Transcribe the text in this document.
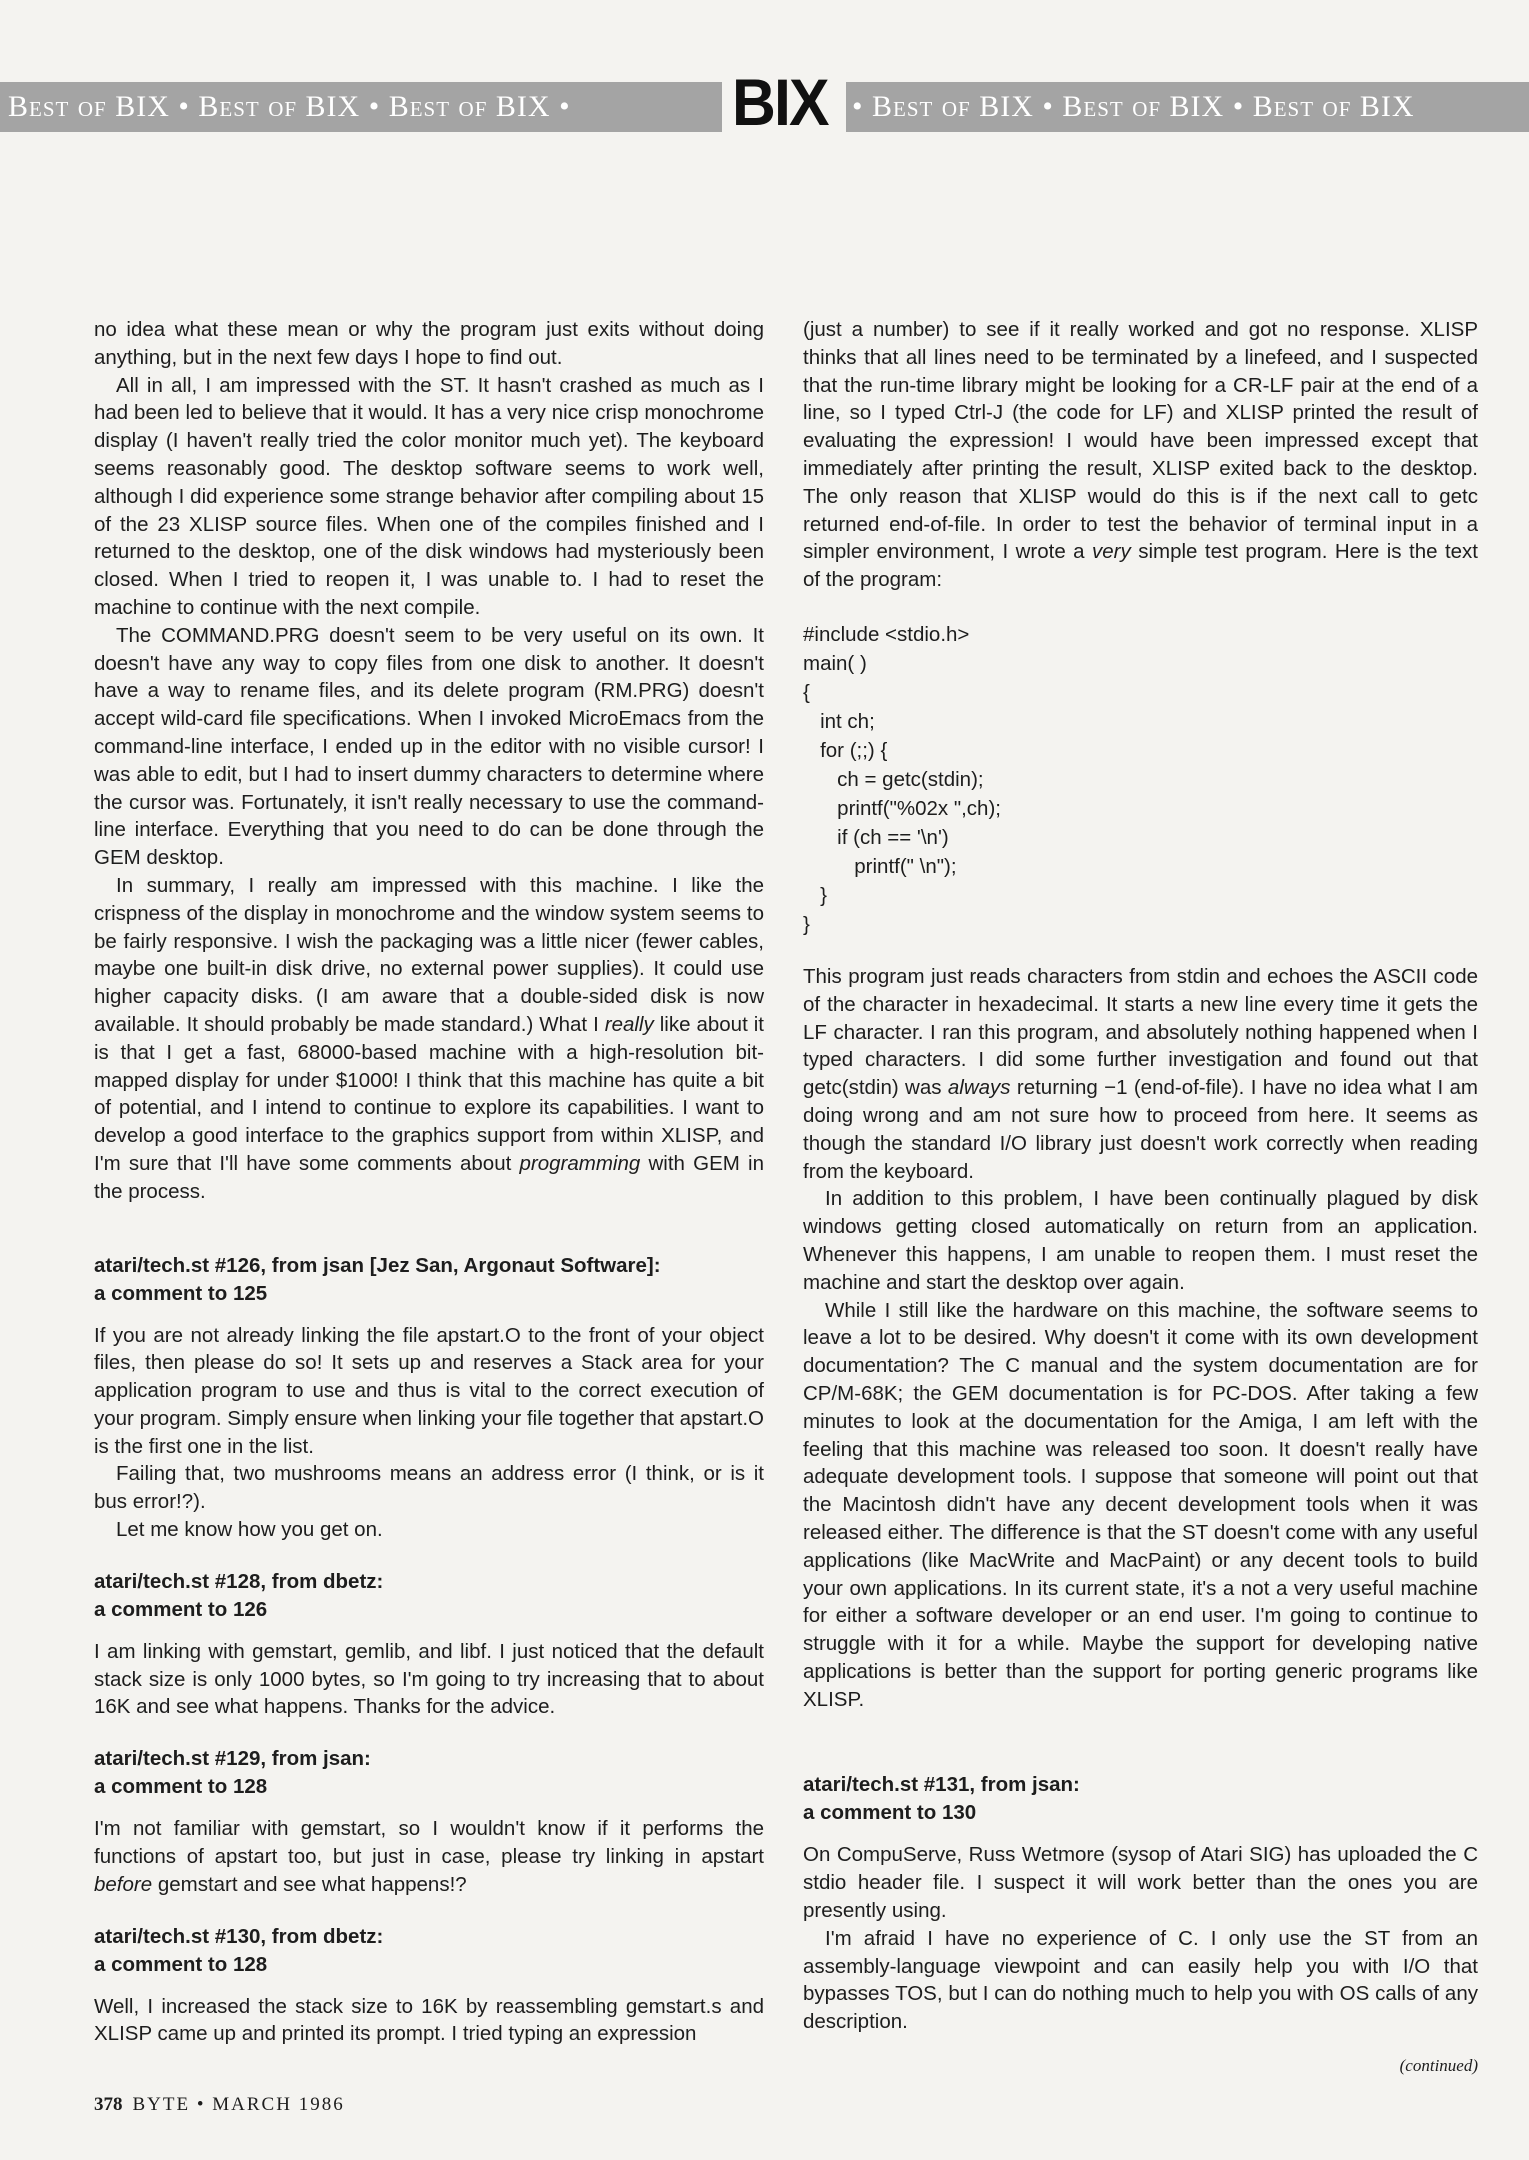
Best of BIX • Best of BIX • Best of BIX •	• Best of BIX • Best of BIX • Best of BIX
BIX

no idea what these mean or why the program just exits without doing anything, but in the next few days I hope to find out.

All in all, I am impressed with the ST. It hasn't crashed as much as I had been led to believe that it would. It has a very nice crisp monochrome display (I haven't really tried the color monitor much yet). The keyboard seems reasonably good. The desktop software seems to work well, although I did experience some strange behavior after compiling about 15 of the 23 XLISP source files. When one of the compiles finished and I returned to the desktop, one of the disk windows had mysteriously been closed. When I tried to reopen it, I was unable to. I had to reset the machine to continue with the next compile.

The COMMAND.PRG doesn't seem to be very useful on its own. It doesn't have any way to copy files from one disk to another. It doesn't have a way to rename files, and its delete program (RM.PRG) doesn't accept wild-card file specifications. When I invoked MicroEmacs from the command-line interface, I ended up in the editor with no visible cursor! I was able to edit, but I had to insert dummy characters to determine where the cursor was. Fortunately, it isn't really necessary to use the command-line interface. Everything that you need to do can be done through the GEM desktop.

In summary, I really am impressed with this machine. I like the crispness of the display in monochrome and the window system seems to be fairly responsive. I wish the packaging was a little nicer (fewer cables, maybe one built-in disk drive, no external power supplies). It could use higher capacity disks. (I am aware that a double-sided disk is now available. It should probably be made standard.) What I really like about it is that I get a fast, 68000-based machine with a high-resolution bit-mapped display for under $1000! I think that this machine has quite a bit of potential, and I intend to continue to explore its capabilities. I want to develop a good interface to the graphics support from within XLISP, and I'm sure that I'll have some comments about programming with GEM in the process.

atari/tech.st #126, from jsan [Jez San, Argonaut Software]:
a comment to 125

If you are not already linking the file apstart.O to the front of your object files, then please do so! It sets up and reserves a Stack area for your application program to use and thus is vital to the correct execution of your program. Simply ensure when linking your file together that apstart.O is the first one in the list.

Failing that, two mushrooms means an address error (I think, or is it bus error!?).

Let me know how you get on.

atari/tech.st #128, from dbetz:
a comment to 126

I am linking with gemstart, gemlib, and libf. I just noticed that the default stack size is only 1000 bytes, so I'm going to try increasing that to about 16K and see what happens. Thanks for the advice.

atari/tech.st #129, from jsan:
a comment to 128

I'm not familiar with gemstart, so I wouldn't know if it performs the functions of apstart too, but just in case, please try linking in apstart before gemstart and see what happens!?

atari/tech.st #130, from dbetz:
a comment to 128

Well, I increased the stack size to 16K by reassembling gemstart.s and XLISP came up and printed its prompt. I tried typing an expression

(just a number) to see if it really worked and got no response. XLISP thinks that all lines need to be terminated by a linefeed, and I suspected that the run-time library might be looking for a CR-LF pair at the end of a line, so I typed Ctrl-J (the code for LF) and XLISP printed the result of evaluating the expression! I would have been impressed except that immediately after printing the result, XLISP exited back to the desktop. The only reason that XLISP would do this is if the next call to getc returned end-of-file. In order to test the behavior of terminal input in a simpler environment, I wrote a very simple test program. Here is the text of the program:

#include <stdio.h>
main( )
{
int ch;
for (;;) {
ch = getc(stdin);
printf("%02x ",ch);
if (ch == '\n')
printf(" \n");
}
}

This program just reads characters from stdin and echoes the ASCII code of the character in hexadecimal. It starts a new line every time it gets the LF character. I ran this program, and absolutely nothing happened when I typed characters. I did some further investigation and found out that getc(stdin) was always returning −1 (end-of-file). I have no idea what I am doing wrong and am not sure how to proceed from here. It seems as though the standard I/O library just doesn't work correctly when reading from the keyboard.

In addition to this problem, I have been continually plagued by disk windows getting closed automatically on return from an application. Whenever this happens, I am unable to reopen them. I must reset the machine and start the desktop over again.

While I still like the hardware on this machine, the software seems to leave a lot to be desired. Why doesn't it come with its own development documentation? The C manual and the system documentation are for CP/M-68K; the GEM documentation is for PC-DOS. After taking a few minutes to look at the documentation for the Amiga, I am left with the feeling that this machine was released too soon. It doesn't really have adequate development tools. I suppose that someone will point out that the Macintosh didn't have any decent development tools when it was released either. The difference is that the ST doesn't come with any useful applications (like MacWrite and MacPaint) or any decent tools to build your own applications. In its current state, it's a not a very useful machine for either a software developer or an end user. I'm going to continue to struggle with it for a while. Maybe the support for developing native applications is better than the support for porting generic programs like XLISP.

atari/tech.st #131, from jsan:
a comment to 130

On CompuServe, Russ Wetmore (sysop of Atari SIG) has uploaded the C stdio header file. I suspect it will work better than the ones you are presently using.

I'm afraid I have no experience of C. I only use the ST from an assembly-language viewpoint and can easily help you with I/O that bypasses TOS, but I can do nothing much to help you with OS calls of any description.

(continued)
378 BYTE • MARCH 1986
